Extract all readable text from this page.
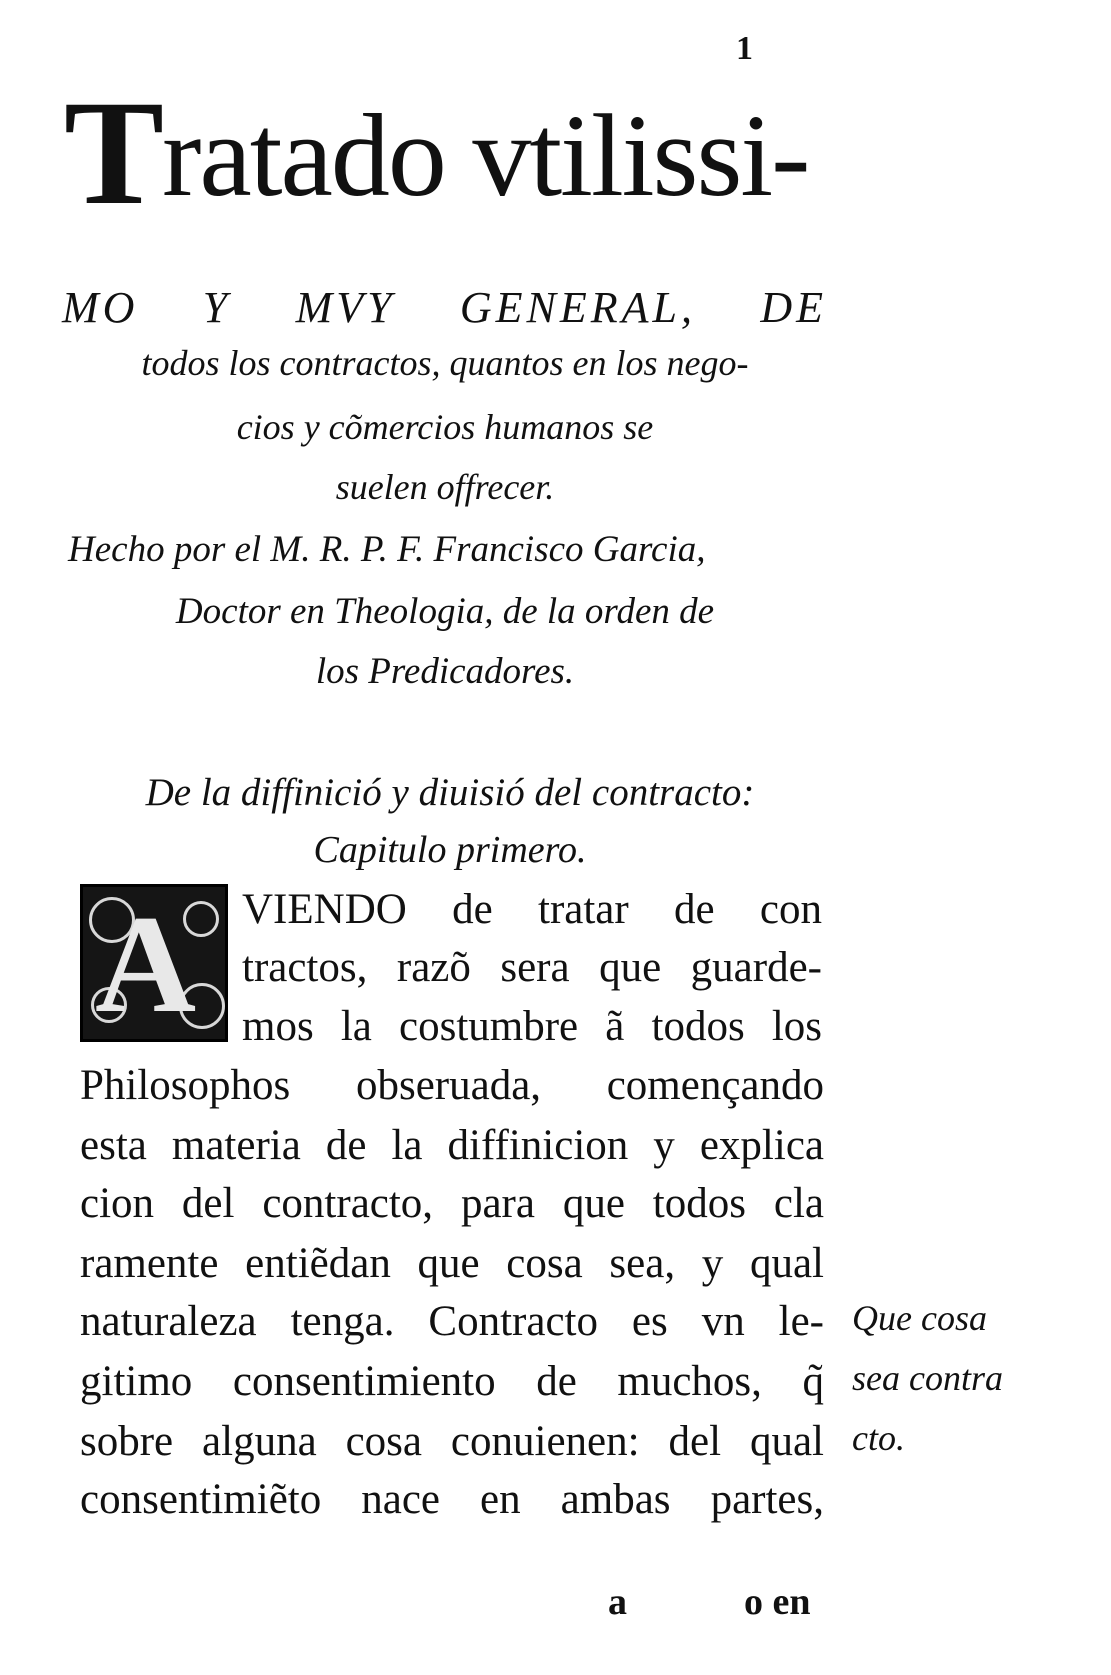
1
Tratado vtilissi-
MO Y MVY GENERAL, DE
todos los contractos, quantos en los nego-
cios y cõmercios humanos se
suelen offrecer.
Hecho por el M. R. P. F. Francisco Garcia,
Doctor en Theologia, de la orden de
los Predicadores.
De la diffinició y diuisió del contracto:
Capitulo primero.
A VIENDO de tratar de con
tractos, razõ sera que guarde-
mos la costumbre ã todos los
Philosophos obseruada, començando
esta materia de la diffinicion y explica
cion del contracto, para que todos cla
ramente entiẽdan que cosa sea, y qual
naturaleza tenga. Contracto es vn le-
gitimo consentimiento de muchos, q̃
sobre alguna cosa conuienen: del qual
consentimiẽto nace en ambas partes,
Que cosa
sea contra
cto.
a	o en
